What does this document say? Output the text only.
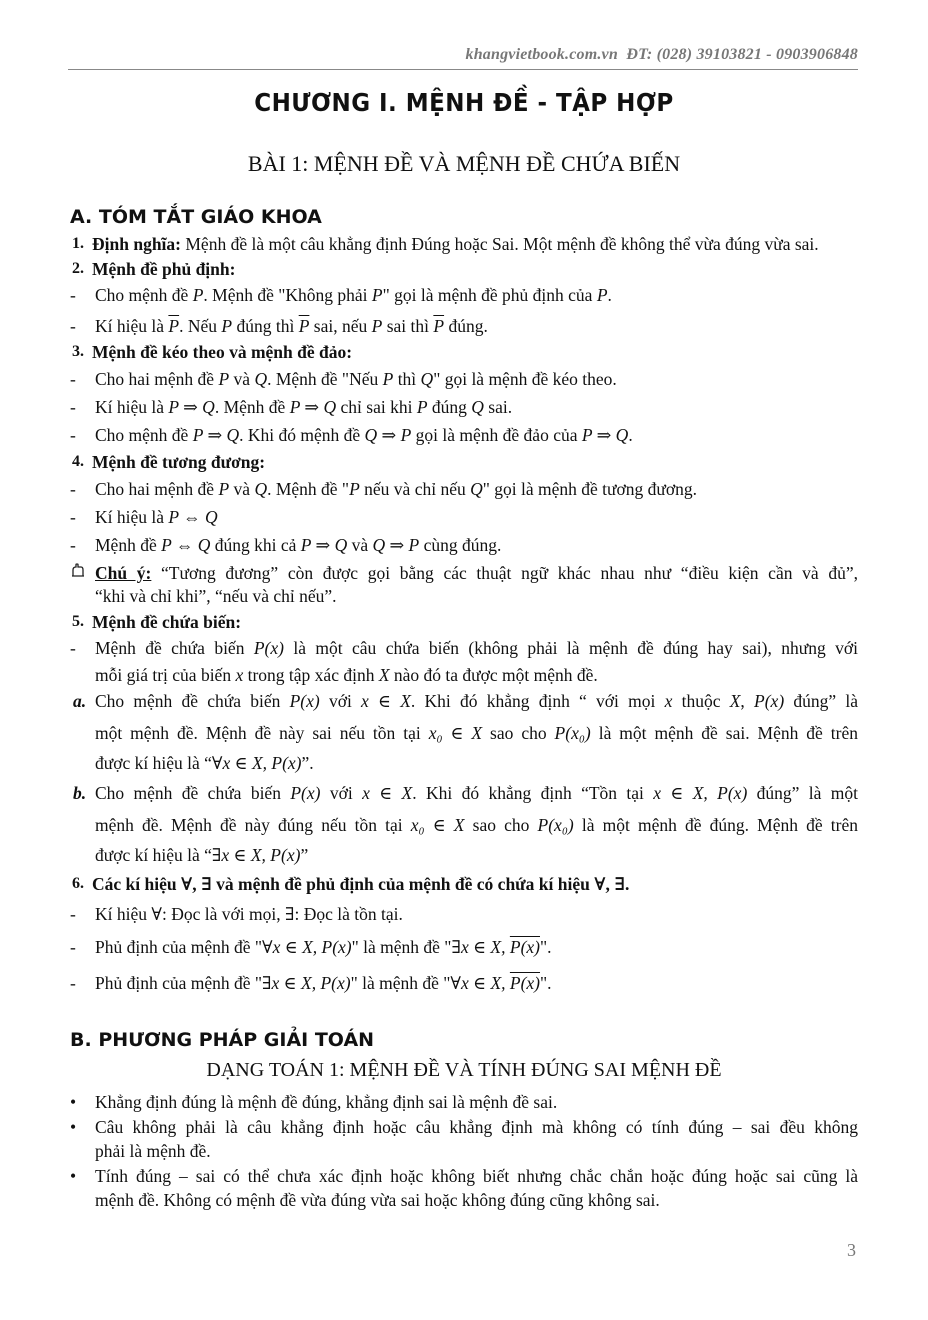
khangvietbook.com.vn ĐT: (028) 39103821 - 0903906848
CHƯƠNG I. MỆNH ĐỀ - TẬP HỢP
BÀI 1: MỆNH ĐỀ VÀ MỆNH ĐỀ CHỨA BIẾN
A. TÓM TẮT GIÁO KHOA
B. PHƯƠNG PHÁP GIẢI TOÁN
DẠNG TOÁN 1: MỆNH ĐỀ VÀ TÍNH ĐÚNG SAI MỆNH ĐỀ
1. Định nghĩa: Mệnh đề là một câu khẳng định Đúng hoặc Sai. Một mệnh đề không thể vừa đúng vừa sai.
2. Mệnh đề phủ định:
- Cho mệnh đề P. Mệnh đề "Không phải P" gọi là mệnh đề phủ định của P.
- Kí hiệu là $\overline{P}$. Nếu P đúng thì $\overline{P}$ sai, nếu P sai thì $\overline{P}$ đúng.
3. Mệnh đề kéo theo và mệnh đề đảo:
- Cho hai mệnh đề P và Q. Mệnh đề "Nếu P thì Q" gọi là mệnh đề kéo theo.
- Kí hiệu là P ⇒ Q. Mệnh đề P ⇒ Q chỉ sai khi P đúng Q sai.
- Cho mệnh đề P ⇒ Q. Khi đó mệnh đề Q ⇒ P gọi là mệnh đề đảo của P ⇒ Q.
4. Mệnh đề tương đương:
- Cho hai mệnh đề P và Q. Mệnh đề "P nếu và chỉ nếu Q" gọi là mệnh đề tương đương.
- Kí hiệu là P ⇔ Q
- Mệnh đề P ⇔ Q đúng khi cả P ⇒ Q và Q ⇒ P cùng đúng.
Chú ý: “Tương đương” còn được gọi bằng các thuật ngữ khác nhau như “điều kiện cần và đủ”,
“khi và chỉ khi”, “nếu và chỉ nếu”.
5. Mệnh đề chứa biến:
- Mệnh đề chứa biến P(x) là một câu chứa biến (không phải là mệnh đề đúng hay sai), nhưng với
mỗi giá trị của biến x trong tập xác định X nào đó ta được một mệnh đề.
a. Cho mệnh đề chứa biến P(x) với x ∈ X. Khi đó khẳng định “ với mọi x thuộc X, P(x) đúng” là
một mệnh đề. Mệnh đề này sai nếu tồn tại x₀ ∈ X sao cho P(x₀) là một mệnh đề sai. Mệnh đề trên
được kí hiệu là “∀x ∈ X, P(x)”.
b. Cho mệnh đề chứa biến P(x) với x ∈ X. Khi đó khẳng định “Tồn tại x ∈ X, P(x) đúng” là một
mệnh đề. Mệnh đề này đúng nếu tồn tại x₀ ∈ X sao cho P(x₀) là một mệnh đề đúng. Mệnh đề trên
được kí hiệu là “∃x ∈ X, P(x)”
6. Các kí hiệu ∀, ∃ và mệnh đề phủ định của mệnh đề có chứa kí hiệu ∀, ∃.
- Kí hiệu ∀: Đọc là với mọi, ∃: Đọc là tồn tại.
- Phủ định của mệnh đề "∀x ∈ X, P(x)" là mệnh đề "∃x ∈ X, P(x)".
- Phủ định của mệnh đề "∃x ∈ X, P(x)" là mệnh đề "∀x ∈ X, P(x)".
• Khẳng định đúng là mệnh đề đúng, khẳng định sai là mệnh đề sai.
• Câu không phải là câu khẳng định hoặc câu khẳng định mà không có tính đúng – sai đều không
phải là mệnh đề.
• Tính đúng – sai có thể chưa xác định hoặc không biết nhưng chắc chắn hoặc đúng hoặc sai cũng là
mệnh đề. Không có mệnh đề vừa đúng vừa sai hoặc không đúng cũng không sai.
3
